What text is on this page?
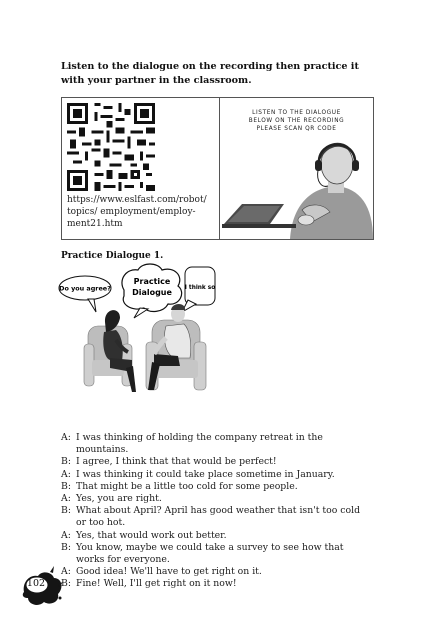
Listen to the dialogue on the recording then practice it with your partner in the classroom.
https://www.eslfast.com/robot/
topics/ employment/employ-
ment21.htm
LISTEN TO THE DIALOGUE
BELOW ON THE RECORDING
PLEASE SCAN QR CODE
Practice Dialogue 1.
Do you agree?
Practice
Dialogue I think so
A: I was thinking of holding the company retreat in the mountains.
B: I agree, I think that that would be perfect!
A: I was thinking it could take place sometime in January.
B: That might be a little too cold for some people.
A: Yes, you are right.
B: What about April? April has good weather that isn't too cold or too hot.
A: Yes, that would work out better.
B: You know, maybe we could take a survey to see how that works for everyone.
A: Good idea! We'll have to get right on it.
B: Fine! Well, I'll get right on it now!
102
